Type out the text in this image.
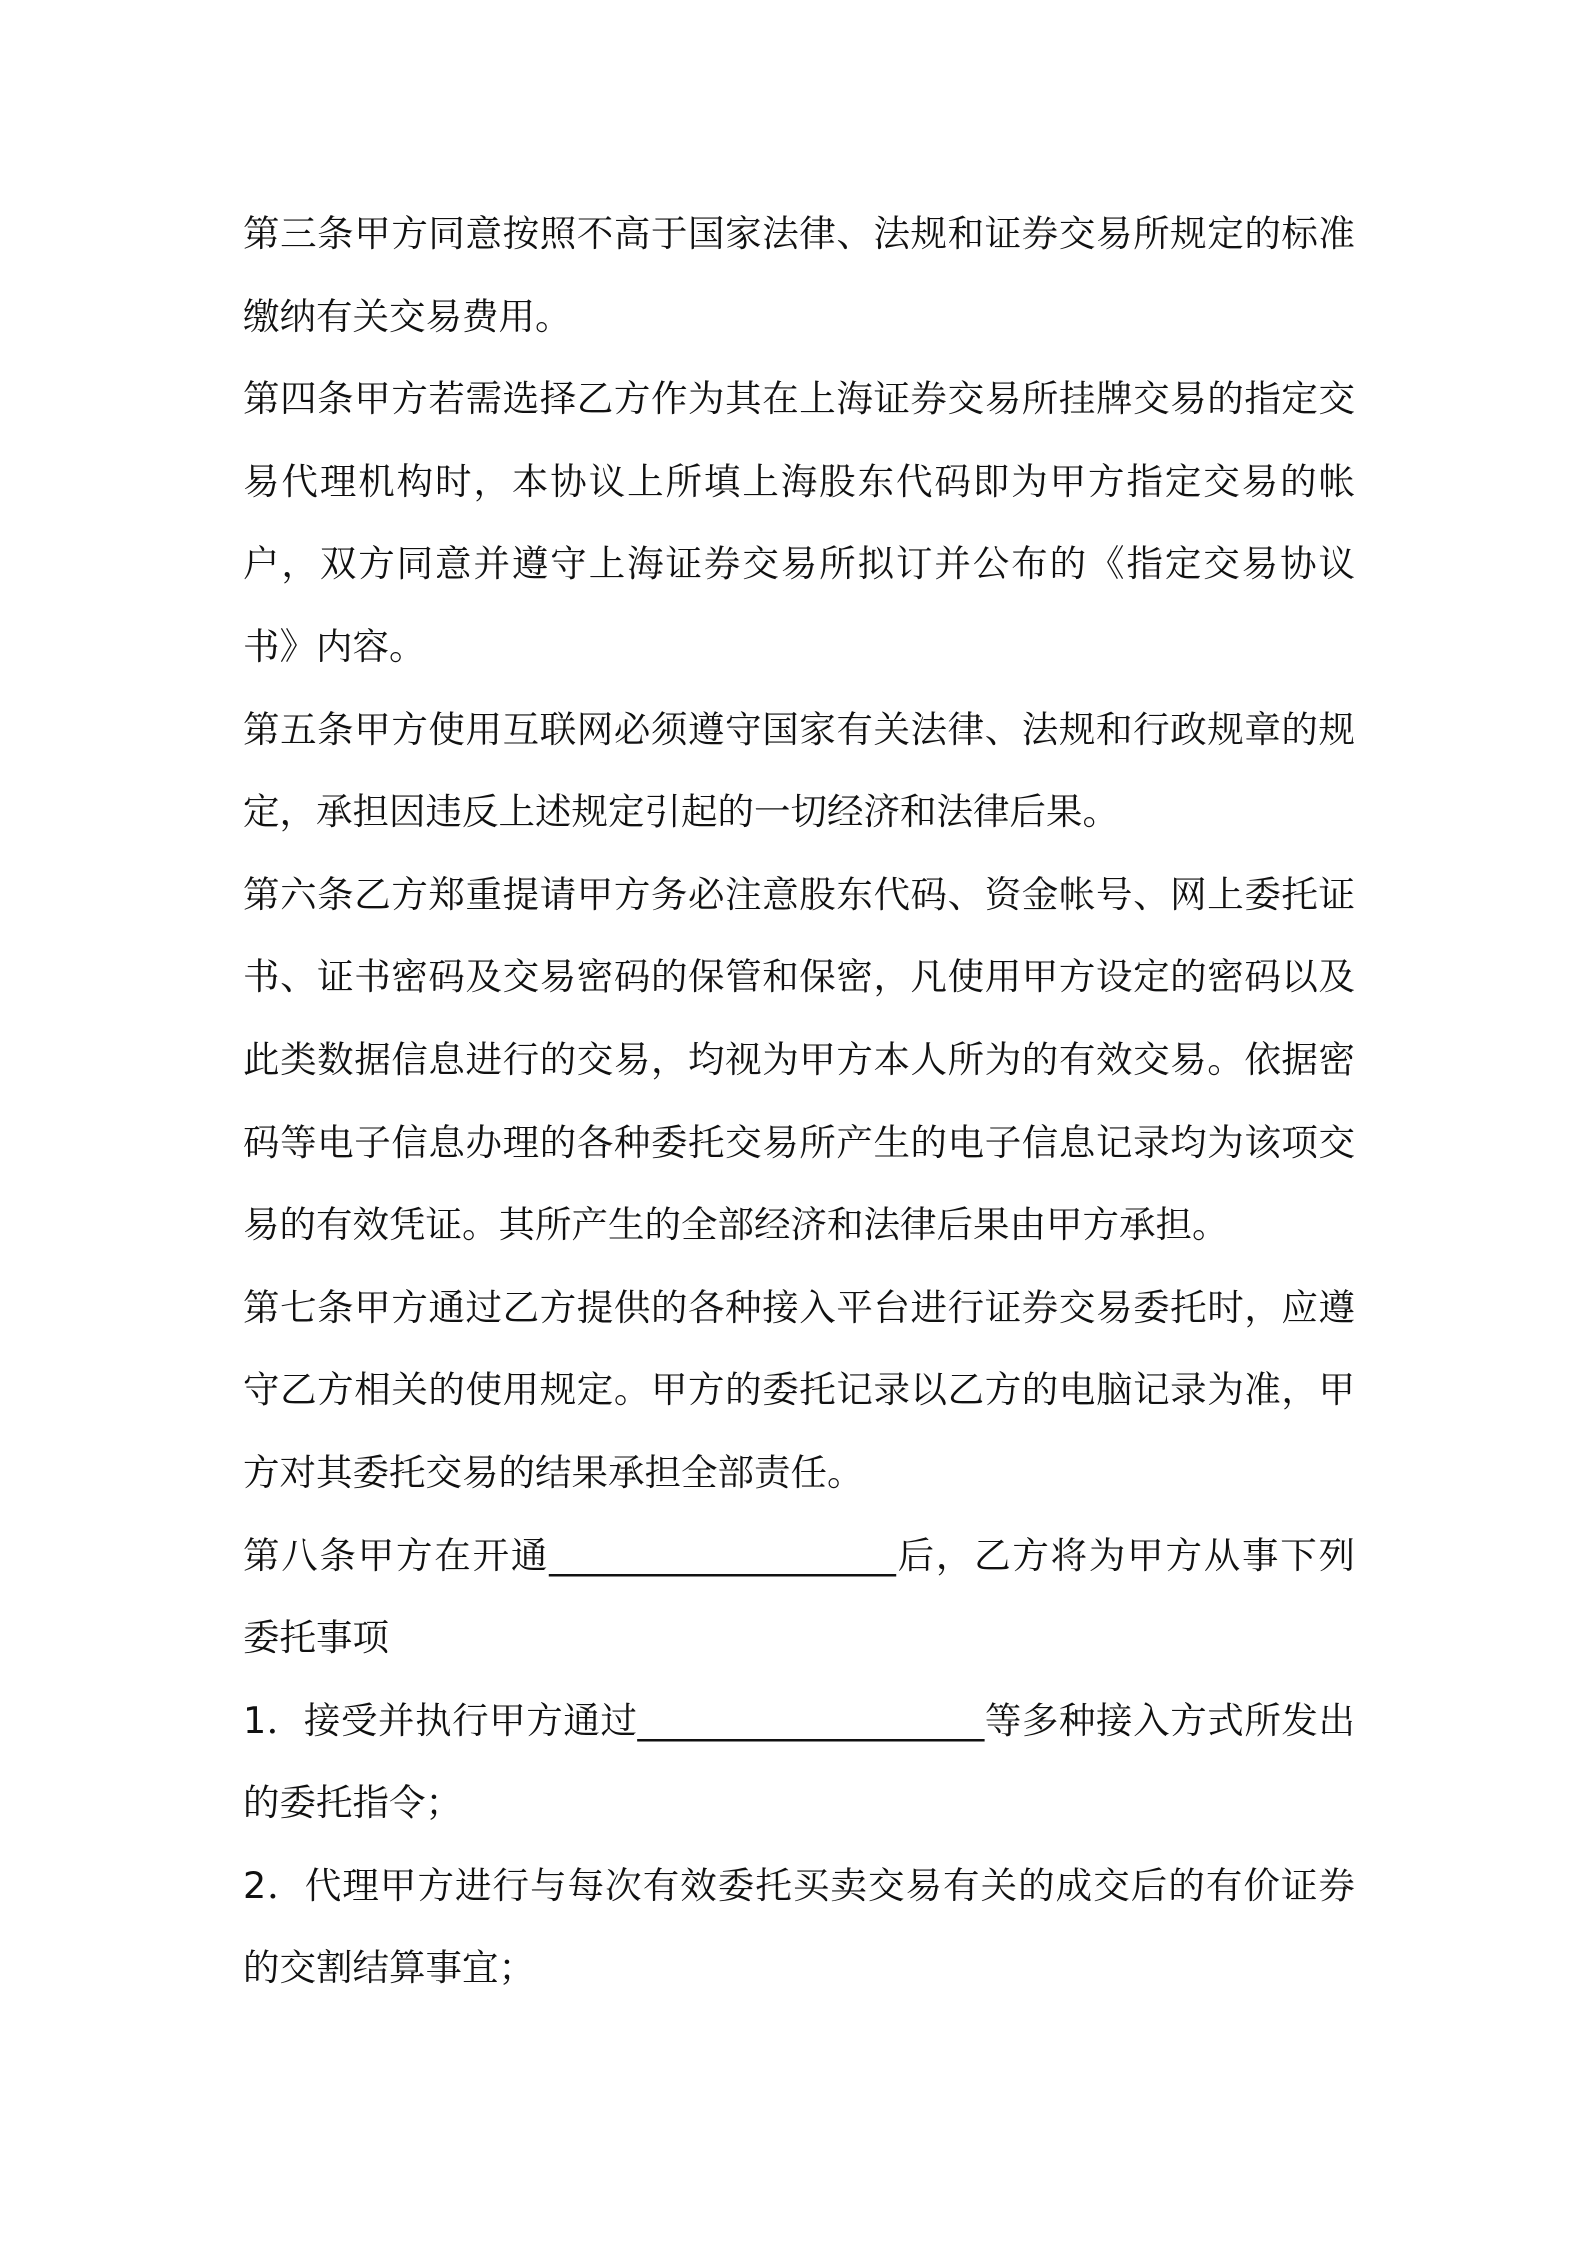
第三条甲方同意按照不高于国家法律、法规和证券交易所规定的标准缴纳有关交易费用。

第四条甲方若需选择乙方作为其在上海证券交易所挂牌交易的指定交易代理机构时，本协议上所填上海股东代码即为甲方指定交易的帐户，双方同意并遵守上海证券交易所拟订并公布的《指定交易协议书》内容。

第五条甲方使用互联网必须遵守国家有关法律、法规和行政规章的规定，承担因违反上述规定引起的一切经济和法律后果。

第六条乙方郑重提请甲方务必注意股东代码、资金帐号、网上委托证书、证书密码及交易密码的保管和保密，凡使用甲方设定的密码以及此类数据信息进行的交易，均视为甲方本人所为的有效交易。依据密码等电子信息办理的各种委托交易所产生的电子信息记录均为该项交易的有效凭证。其所产生的全部经济和法律后果由甲方承担。

第七条甲方通过乙方提供的各种接入平台进行证券交易委托时，应遵守乙方相关的使用规定。甲方的委托记录以乙方的电脑记录为准，甲方对其委托交易的结果承担全部责任。

第八条甲方在开通___________________后，乙方将为甲方从事下列委托事项

1．接受并执行甲方通过___________________等多种接入方式所发出的委托指令；

2．代理甲方进行与每次有效委托买卖交易有关的成交后的有价证券的交割结算事宜；
